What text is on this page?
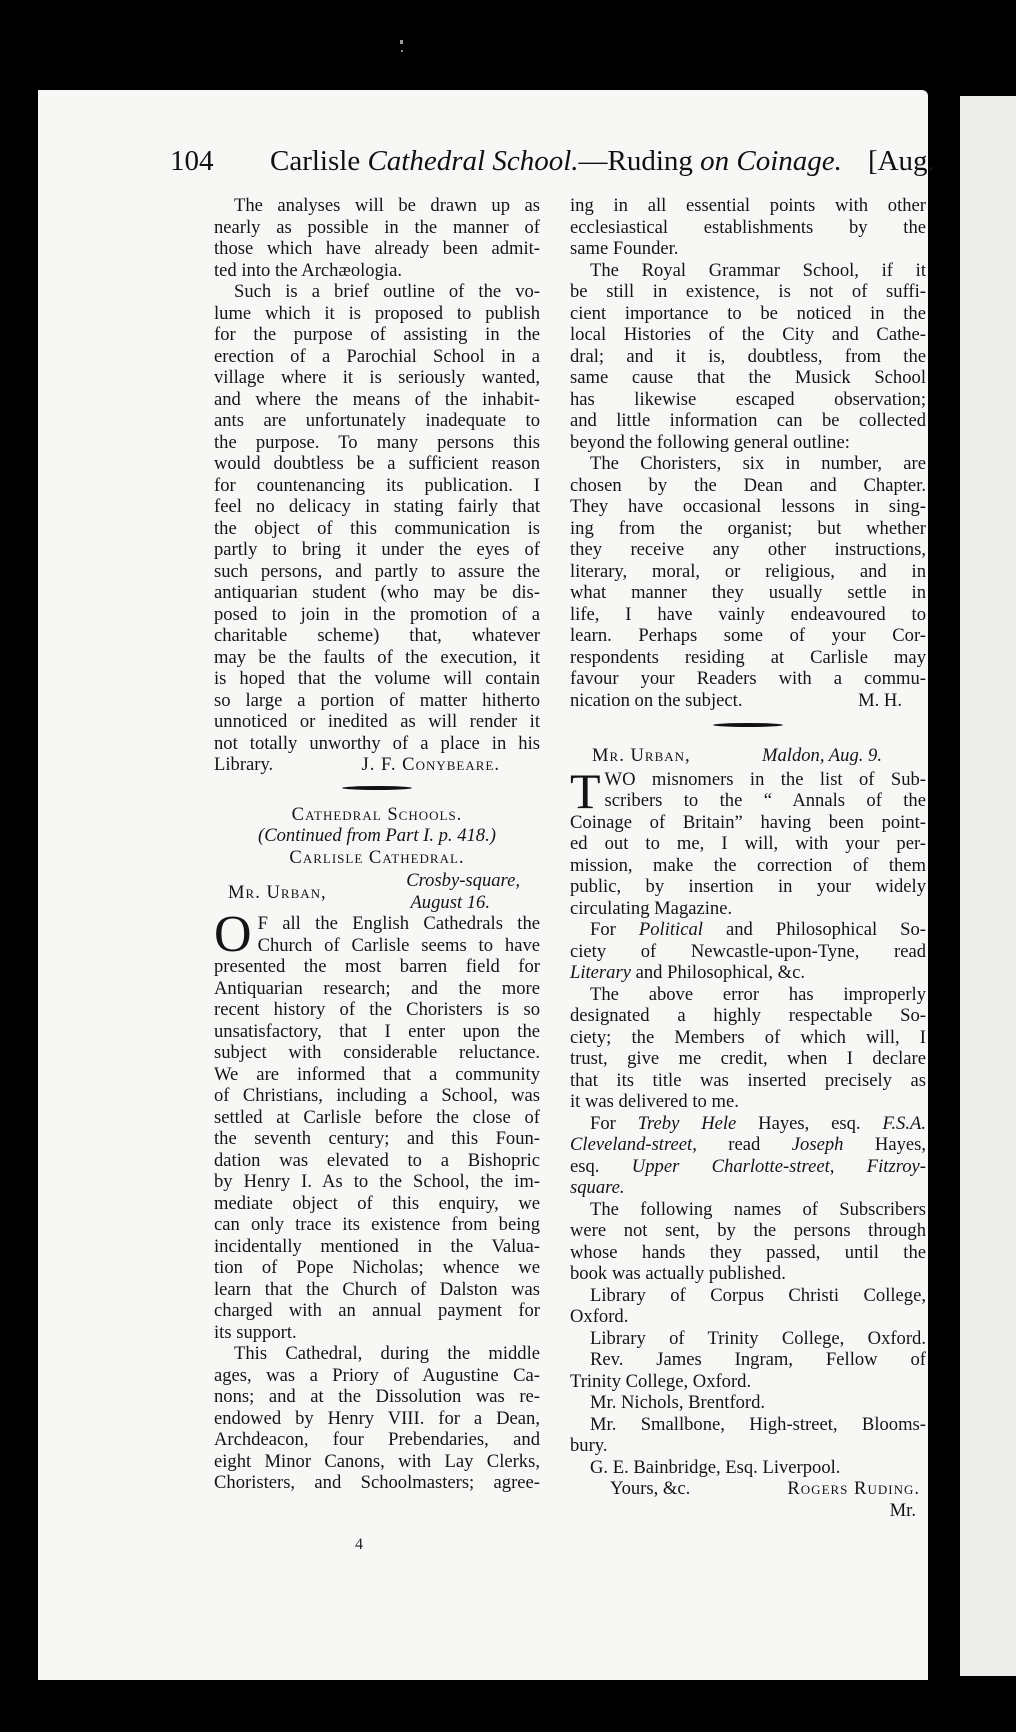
104 Carlisle Cathedral School.—Ruding on Coinage. [Aug.

The analyses will be drawn up as
nearly as possible in the manner of
those which have already been admit-
ted into the Archæologia.

Such is a brief outline of the vo-
lume which it is proposed to publish
for the purpose of assisting in the
erection of a Parochial School in a
village where it is seriously wanted,
and where the means of the inhabit-
ants are unfortunately inadequate to
the purpose. To many persons this
would doubtless be a sufficient reason
for countenancing its publication. I
feel no delicacy in stating fairly that
the object of this communication is
partly to bring it under the eyes of
such persons, and partly to assure the
antiquarian student (who may be dis-
posed to join in the promotion of a
charitable scheme) that, whatever
may be the faults of the execution, it
is hoped that the volume will contain
so large a portion of matter hitherto
unnoticed or inedited as will render it
not totally unworthy of a place in his
Library.	J. F. Conybeare.

Cathedral Schools.
(Continued from Part I. p. 418.)
Carlisle Cathedral.
Mr. Urban,
Crosby-square,
August 16.

O F all the English Cathedrals the
Church of Carlisle seems to have
presented the most barren field for
Antiquarian research; and the more
recent history of the Choristers is so
unsatisfactory, that I enter upon the
subject with considerable reluctance.
We are informed that a community
of Christians, including a School, was
settled at Carlisle before the close of
the seventh century; and this Foun-
dation was elevated to a Bishopric
by Henry I. As to the School, the im-
mediate object of this enquiry, we
can only trace its existence from being
incidentally mentioned in the Valua-
tion of Pope Nicholas; whence we
learn that the Church of Dalston was
charged with an annual payment for
its support.

This Cathedral, during the middle
ages, was a Priory of Augustine Ca-
nons; and at the Dissolution was re-
endowed by Henry VIII. for a Dean,
Archdeacon, four Prebendaries, and
eight Minor Canons, with Lay Clerks,
Choristers, and Schoolmasters; agree-

4

ing in all essential points with other
ecclesiastical establishments by the
same Founder.

The Royal Grammar School, if it
be still in existence, is not of suffi-
cient importance to be noticed in the
local Histories of the City and Cathe-
dral; and it is, doubtless, from the
same cause that the Musick School
has likewise escaped observation;
and little information can be collected
beyond the following general outline:

The Choristers, six in number, are
chosen by the Dean and Chapter.
They have occasional lessons in sing-
ing from the organist; but whether
they receive any other instructions,
literary, moral, or religious, and in
what manner they usually settle in
life, I have vainly endeavoured to
learn. Perhaps some of your Cor-
respondents residing at Carlisle may
favour your Readers with a commu-
nication on the subject.	M. H.

Mr. Urban,	Maldon, Aug. 9.

T WO misnomers in the list of Sub-
scribers to the “ Annals of the
Coinage of Britain” having been point-
ed out to me, I will, with your per-
mission, make the correction of them
public, by insertion in your widely
circulating Magazine.

For Political and Philosophical So-
ciety of Newcastle-upon-Tyne, read
Literary and Philosophical, &c.

The above error has improperly
designated a highly respectable So-
ciety; the Members of which will, I
trust, give me credit, when I declare
that its title was inserted precisely as
it was delivered to me.

For Treby Hele Hayes, esq. F.S.A.
Cleveland-street, read Joseph Hayes,
esq. Upper Charlotte-street, Fitzroy-
square.

The following names of Subscribers
were not sent, by the persons through
whose hands they passed, until the
book was actually published.

Library of Corpus Christi College,
Oxford.
Library of Trinity College, Oxford.
Rev. James Ingram, Fellow of
Trinity College, Oxford.
Mr. Nichols, Brentford.
Mr. Smallbone, High-street, Blooms-
bury.
G. E. Bainbridge, Esq. Liverpool.
Yours, &c.	Rogers Ruding.
Mr.
